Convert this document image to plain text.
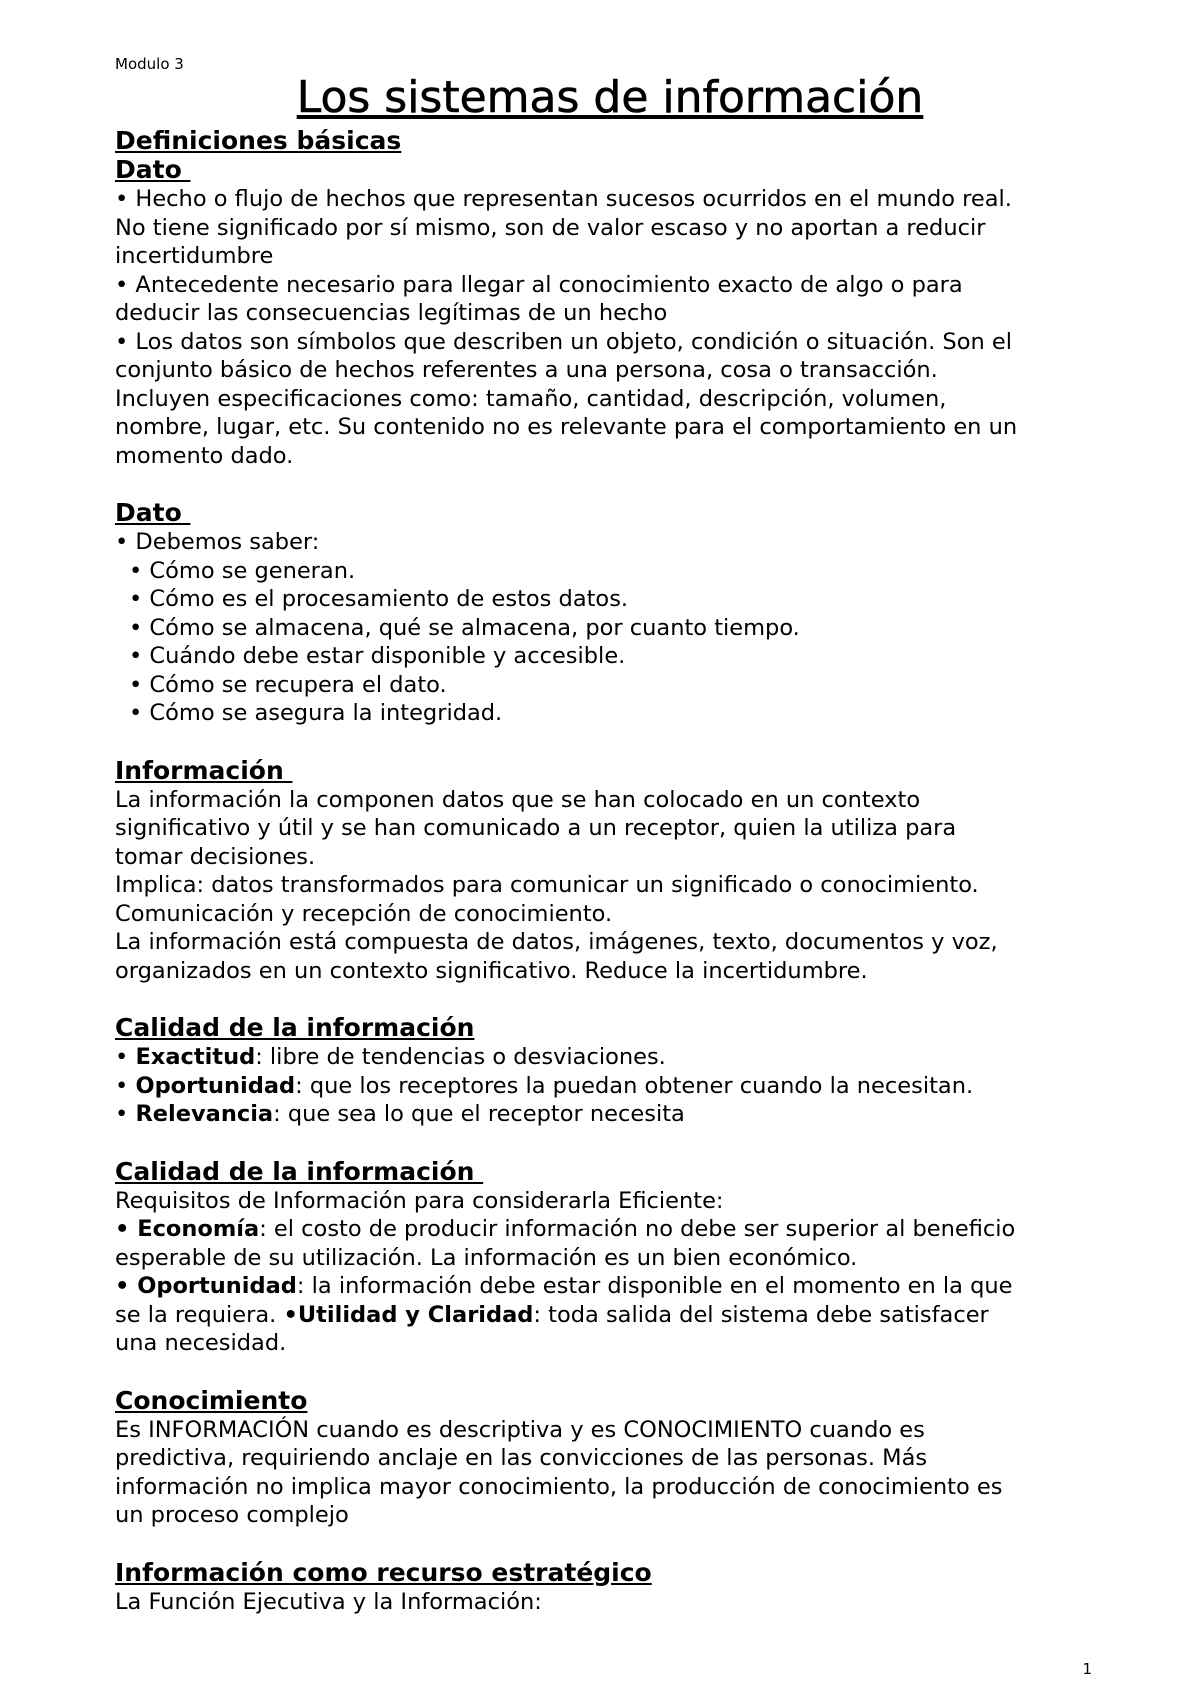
Modulo 3

Los sistemas de información

Definiciones básicas

Dato

• Hecho o flujo de hechos que representan sucesos ocurridos en el mundo real.

No tiene significado por sí mismo, son de valor escaso y no aportan a reducir

incertidumbre

• Antecedente necesario para llegar al conocimiento exacto de algo o para

deducir las consecuencias legítimas de un hecho

• Los datos son símbolos que describen un objeto, condición o situación. Son el

conjunto básico de hechos referentes a una persona, cosa o transacción.

Incluyen especificaciones como: tamaño, cantidad, descripción, volumen,

nombre, lugar, etc. Su contenido no es relevante para el comportamiento en un

momento dado.

Dato

• Debemos saber:

• Cómo se generan.

• Cómo es el procesamiento de estos datos.

• Cómo se almacena, qué se almacena, por cuanto tiempo.

• Cuándo debe estar disponible y accesible.

• Cómo se recupera el dato.

• Cómo se asegura la integridad.

Información

La información la componen datos que se han colocado en un contexto

significativo y útil y se han comunicado a un receptor, quien la utiliza para

tomar decisiones.

Implica: datos transformados para comunicar un significado o conocimiento.

Comunicación y recepción de conocimiento.

La información está compuesta de datos, imágenes, texto, documentos y voz,

organizados en un contexto significativo. Reduce la incertidumbre.

Calidad de la información

• Exactitud: libre de tendencias o desviaciones.

• Oportunidad: que los receptores la puedan obtener cuando la necesitan.

• Relevancia: que sea lo que el receptor necesita

Calidad de la información

Requisitos de Información para considerarla Eficiente:

• Economía: el costo de producir información no debe ser superior al beneficio

esperable de su utilización. La información es un bien económico.

• Oportunidad: la información debe estar disponible en el momento en la que

se la requiera. •Utilidad y Claridad: toda salida del sistema debe satisfacer

una necesidad.

Conocimiento

Es INFORMACIÓN cuando es descriptiva y es CONOCIMIENTO cuando es

predictiva, requiriendo anclaje en las convicciones de las personas. Más

información no implica mayor conocimiento, la producción de conocimiento es

un proceso complejo

Información como recurso estratégico

La Función Ejecutiva y la Información:

1
